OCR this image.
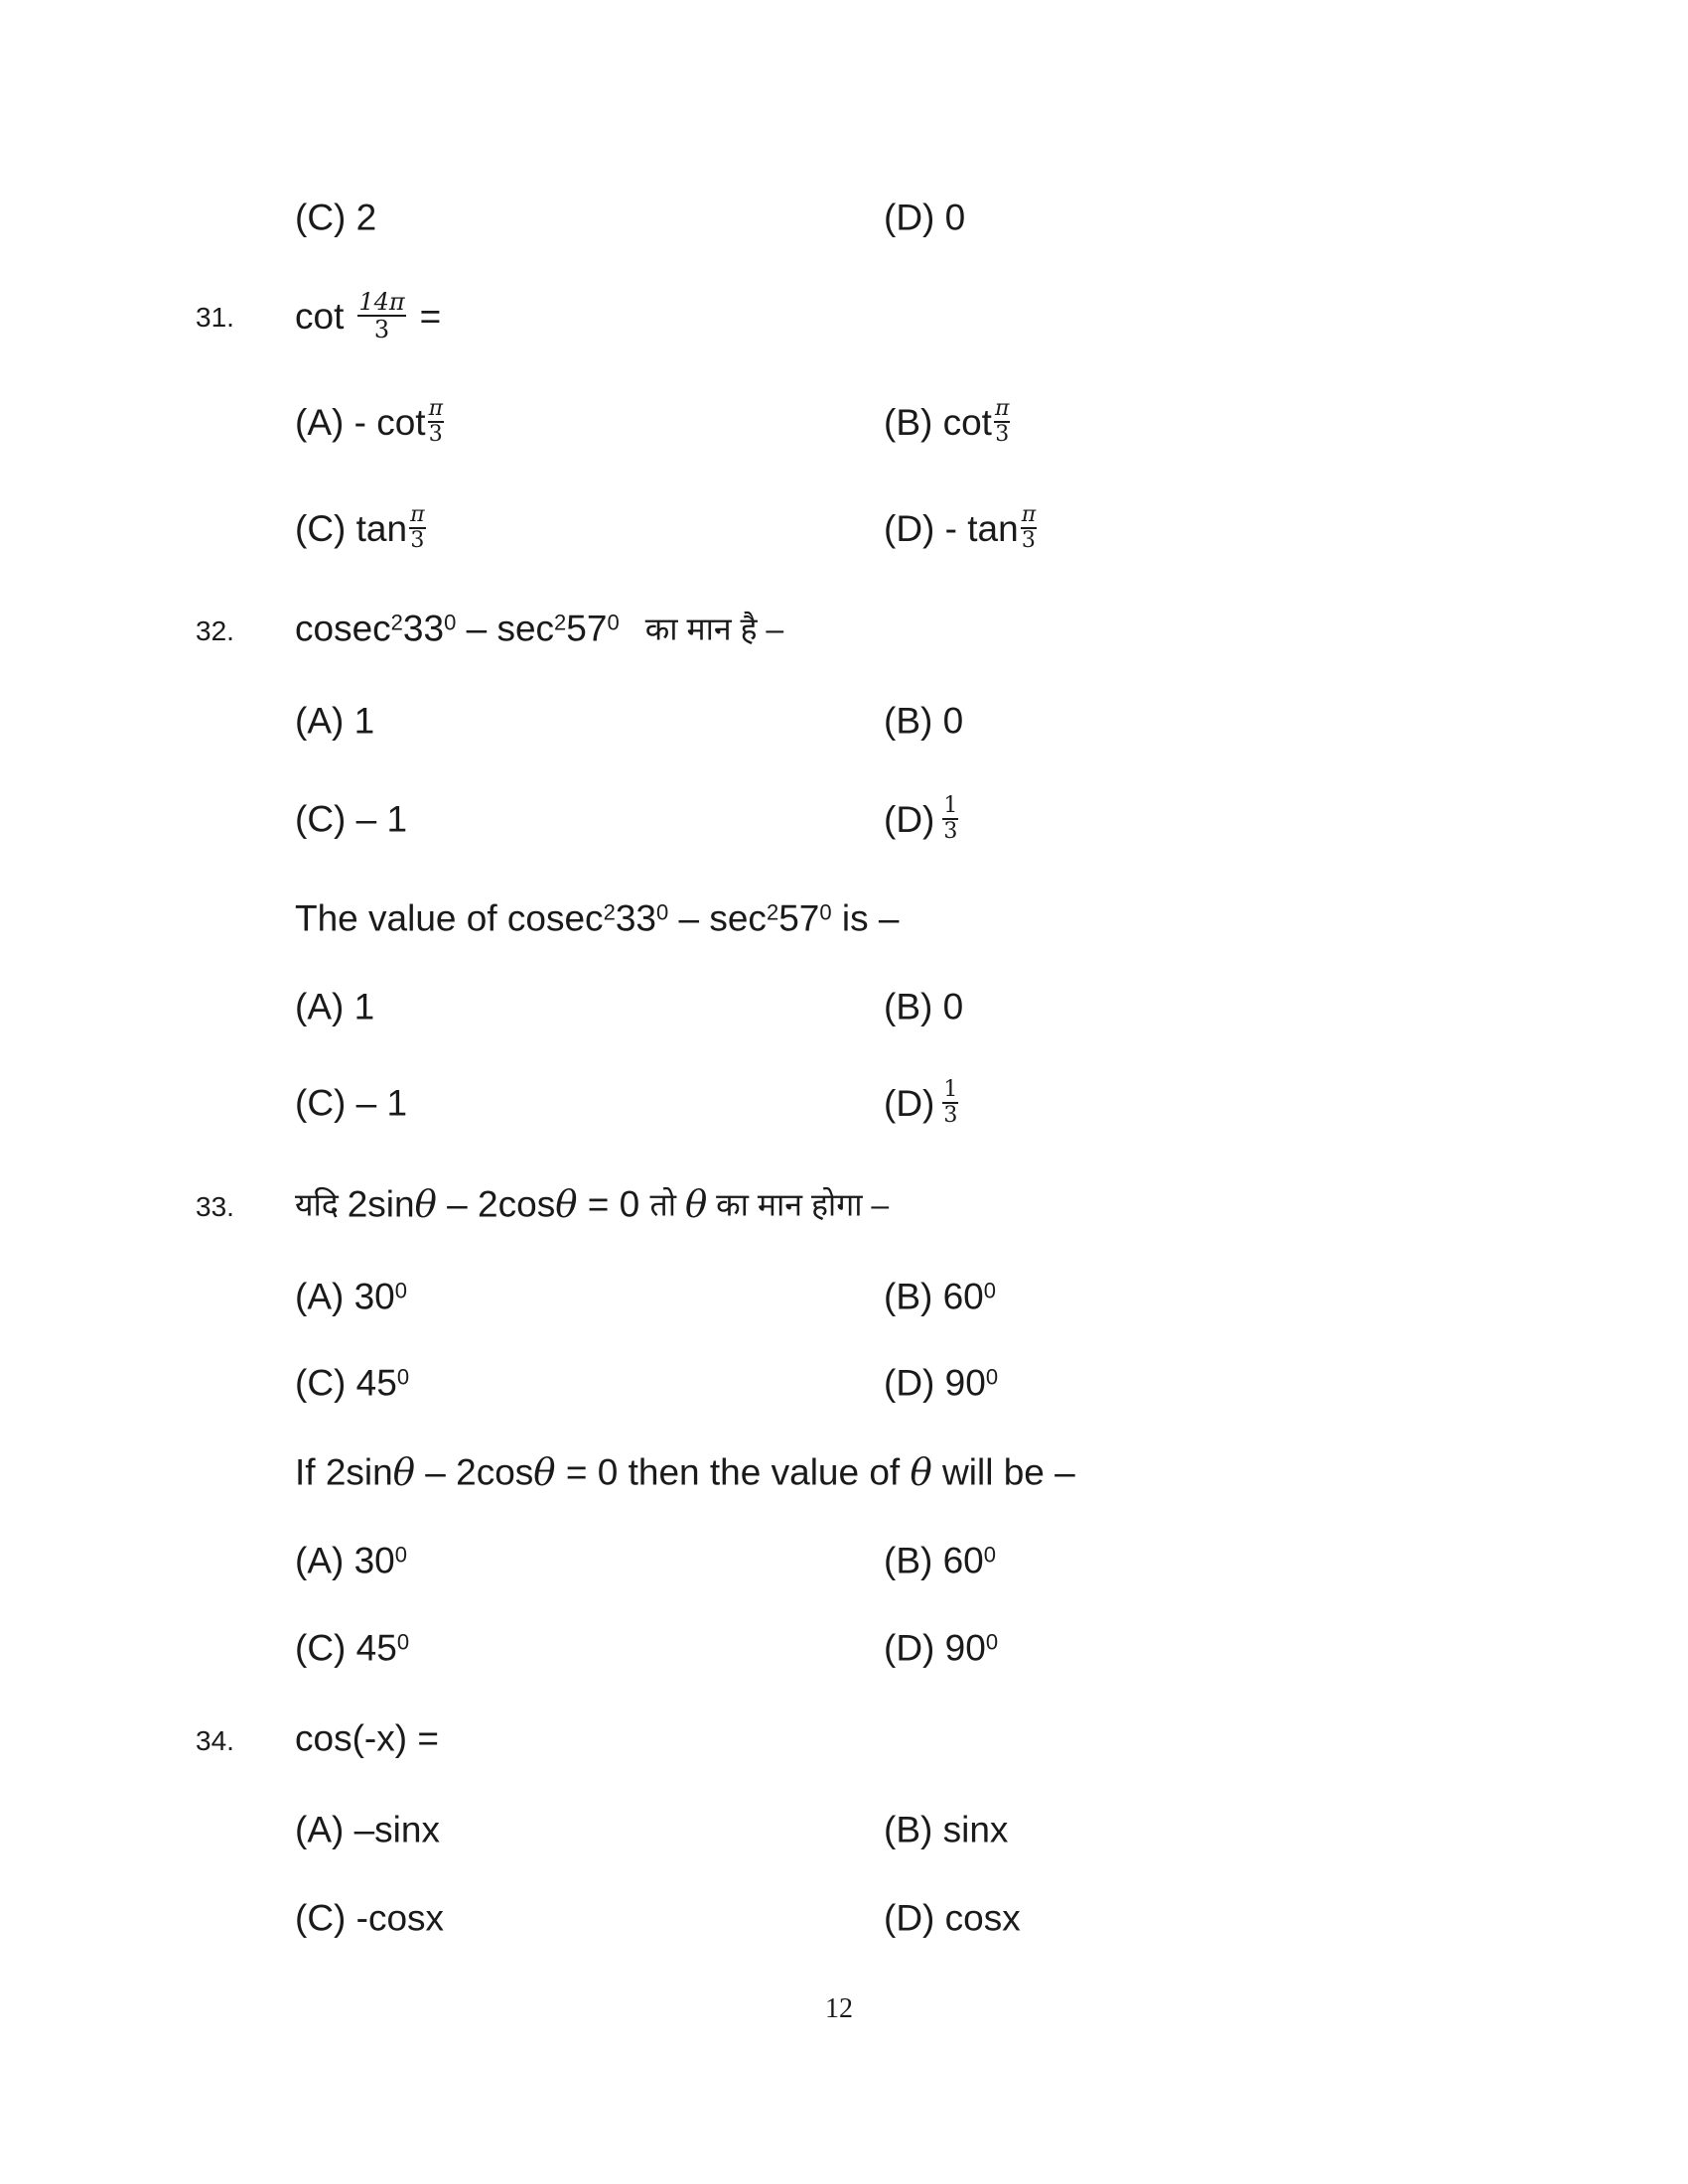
(C) 2	(D) 0
31. $\cot \frac{14\pi}{3}$ =
$(A) - \cot \frac{\pi}{3}$	(B) $\cot \frac{\pi}{3}$
(C) $\tan \frac{\pi}{3}$	$(D) - \tan \frac{\pi}{3}$
32. cosec$^2$ $33^0 - \sec^2 57^0$ का मान है –
(A) 1	(B) 0
(C) – 1	$(D) \frac{1}{3}$
The value of cosec$^2$ $33^0 - \sec^2 57^0$ is –
(A) 1	(B) 0
(C) – 1	$(D) \frac{1}{3}$
33. यदि 2sin θ – 2cos θ = 0 तो θ का मान होगा –
(A) $30^0$	(B) $60^0$
(C) $45^0$	(D) $90^0$
If 2sin θ – 2cos θ = 0 then the value of θ will be –
(A) $30^0$	(B) $60^0$
(C) $45^0$	(D) $90^0$
34. cos(-x) =
(A) –sinx	(B) sinx
(C) -cosx	(D) cosx
12
